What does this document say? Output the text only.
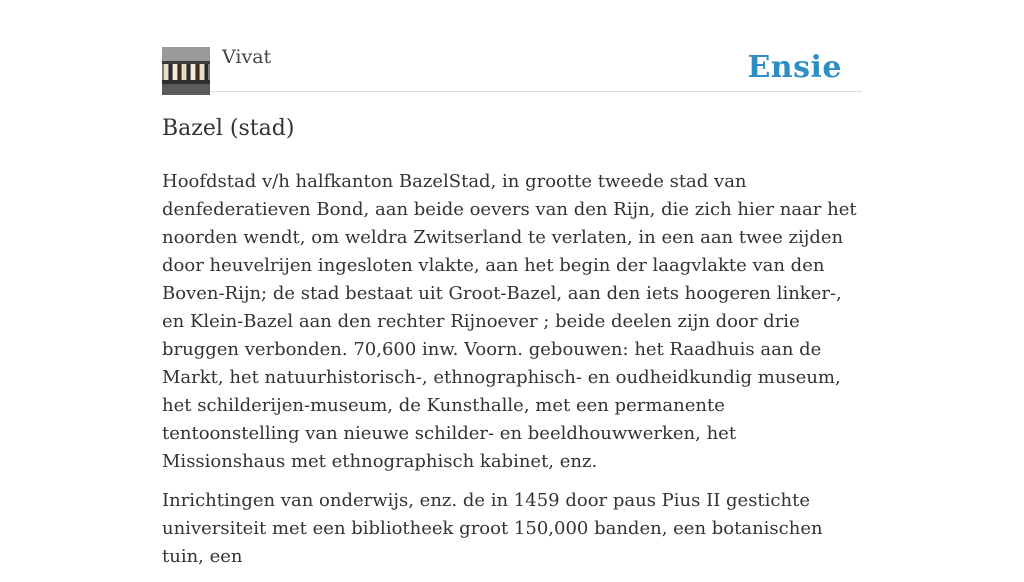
Vivat	Ensie
Bazel (stad)

Hoofdstad v/h halfkanton BazelStad, in grootte tweede stad van denfederatieven Bond, aan beide oevers van den Rijn, die zich hier naar het noorden wendt, om weldra Zwitserland te verlaten, in een aan twee zijden door heuvelrijen ingesloten vlakte, aan het begin der laagvlakte van den Boven-Rijn; de stad bestaat uit Groot-Bazel, aan den iets hoogeren linker-, en Klein-Bazel aan den rechter Rijnoever ; beide deelen zijn door drie bruggen verbonden. 70,600 inw. Voorn. gebouwen: het Raadhuis aan de Markt, het natuurhistorisch-, ethnographisch- en oudheidkundig museum, het schilderijen-museum, de Kunsthalle, met een permanente tentoonstelling van nieuwe schilder- en beeldhouwwerken, het Missionshaus met ethnographisch kabinet, enz.

Inrichtingen van onderwijs, enz. de in 1459 door paus Pius II gestichte universiteit met een bibliotheek groot 150,000 banden, een botanischen tuin, een
